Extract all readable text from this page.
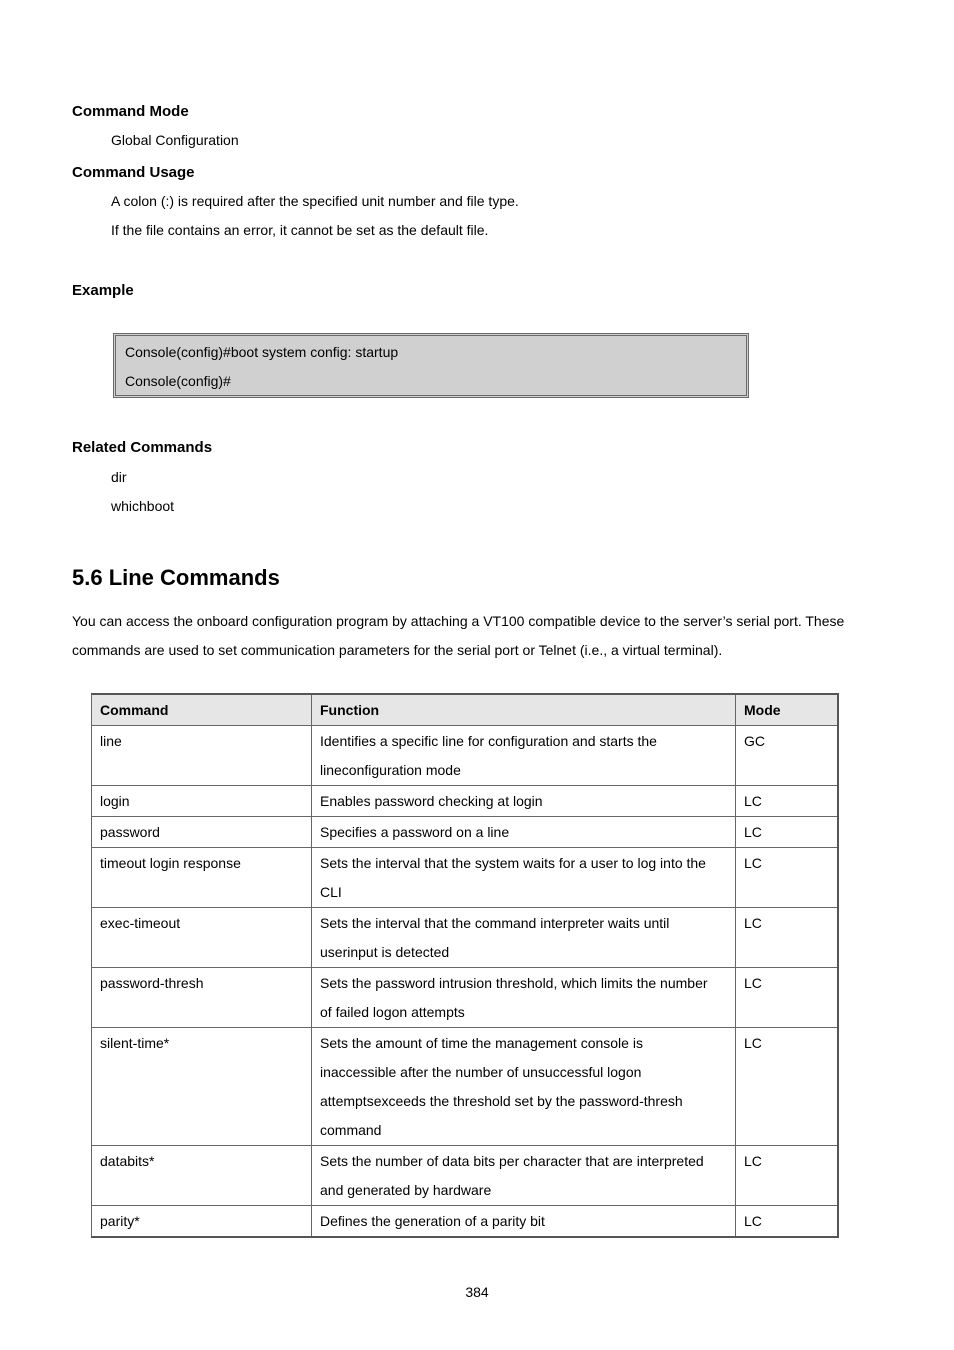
Command Mode
Global Configuration
Command Usage
A colon (:) is required after the specified unit number and file type.
If the file contains an error, it cannot be set as the default file.
Example
Console(config)#boot system config: startup
Console(config)#
Related Commands
dir
whichboot
5.6 Line Commands
You can access the onboard configuration program by attaching a VT100 compatible device to the server’s serial port. These
commands are used to set communication parameters for the serial port or Telnet (i.e., a virtual terminal).
Command	Function	Mode
line	Identifies a specific line for configuration and starts the
lineconfiguration mode	GC
login	Enables password checking at login	LC
password	Specifies a password on a line	LC
timeout login response	Sets the interval that the system waits for a user to log into the
CLI	LC
exec-timeout	Sets the interval that the command interpreter waits until
userinput is detected	LC
password-thresh	Sets the password intrusion threshold, which limits the number
of failed logon attempts	LC
silent-time*	Sets the amount of time the management console is
inaccessible after the number of unsuccessful logon
attemptsexceeds the threshold set by the password-thresh
command	LC
databits*	Sets the number of data bits per character that are interpreted
and generated by hardware	LC
parity*	Defines the generation of a parity bit	LC
384
